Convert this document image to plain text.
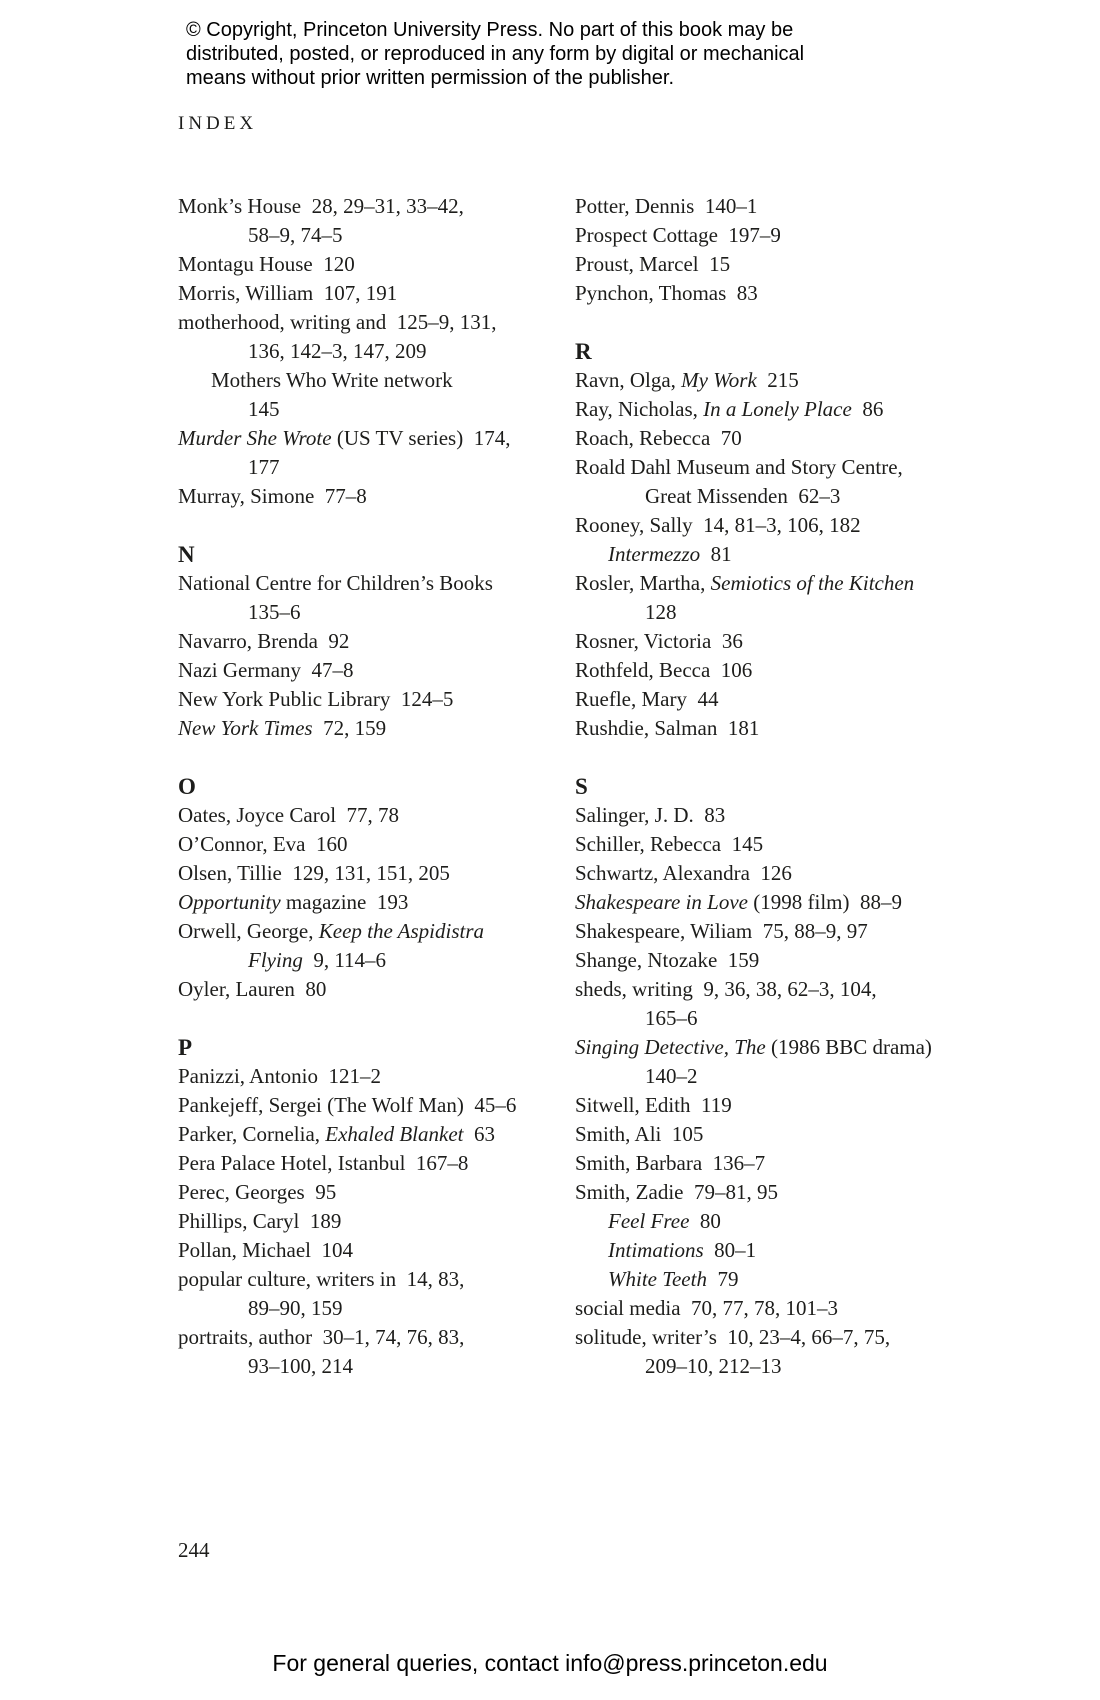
© Copyright, Princeton University Press. No part of this book may be
distributed, posted, or reproduced in any form by digital or mechanical
means without prior written permission of the publisher.
INDEX
Monk’s House  28, 29–31, 33–42,
58–9, 74–5
Montagu House  120
Morris, William  107, 191
motherhood, writing and  125–9, 131,
136, 142–3, 147, 209
Mothers Who Write network
145
Murder She Wrote (US TV series)  174,
177
Murray, Simone  77–8
N
National Centre for Children’s Books
135–6
Navarro, Brenda  92
Nazi Germany  47–8
New York Public Library  124–5
New York Times  72, 159
O
Oates, Joyce Carol  77, 78
O’Connor, Eva  160
Olsen, Tillie  129, 131, 151, 205
Opportunity magazine  193
Orwell, George, Keep the Aspidistra
Flying  9, 114–6
Oyler, Lauren  80
P
Panizzi, Antonio  121–2
Pankejeff, Sergei (The Wolf Man)  45–6
Parker, Cornelia, Exhaled Blanket  63
Pera Palace Hotel, Istanbul  167–8
Perec, Georges  95
Phillips, Caryl  189
Pollan, Michael  104
popular culture, writers in  14, 83,
89–90, 159
portraits, author  30–1, 74, 76, 83,
93–100, 214
Potter, Dennis  140–1
Prospect Cottage  197–9
Proust, Marcel  15
Pynchon, Thomas  83
R
Ravn, Olga, My Work  215
Ray, Nicholas, In a Lonely Place  86
Roach, Rebecca  70
Roald Dahl Museum and Story Centre,
Great Missenden  62–3
Rooney, Sally  14, 81–3, 106, 182
Intermezzo  81
Rosler, Martha, Semiotics of the Kitchen
128
Rosner, Victoria  36
Rothfeld, Becca  106
Ruefle, Mary  44
Rushdie, Salman  181
S
Salinger, J. D.  83
Schiller, Rebecca  145
Schwartz, Alexandra  126
Shakespeare in Love (1998 film)  88–9
Shakespeare, Wiliam  75, 88–9, 97
Shange, Ntozake  159
sheds, writing  9, 36, 38, 62–3, 104,
165–6
Singing Detective, The (1986 BBC drama)
140–2
Sitwell, Edith  119
Smith, Ali  105
Smith, Barbara  136–7
Smith, Zadie  79–81, 95
Feel Free  80
Intimations  80–1
White Teeth  79
social media  70, 77, 78, 101–3
solitude, writer’s  10, 23–4, 66–7, 75,
209–10, 212–13
244
For general queries, contact info@press.princeton.edu
